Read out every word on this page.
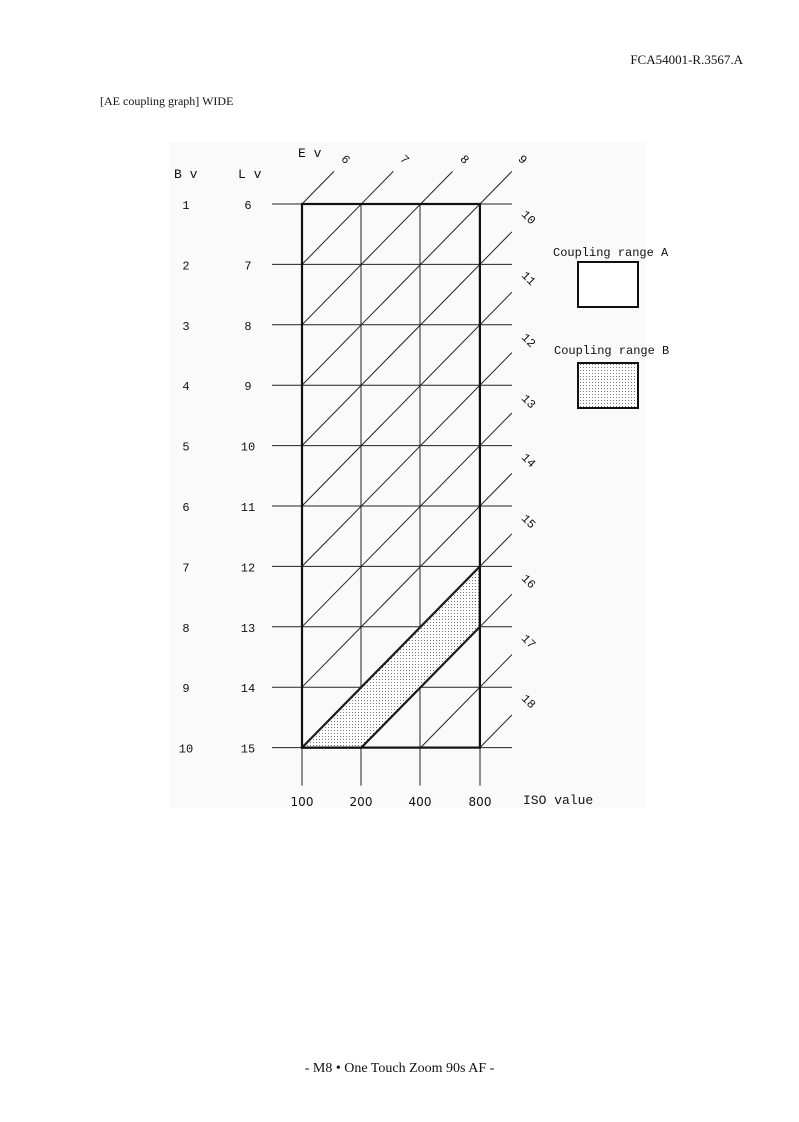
FCA54001-R.3567.A
[AE coupling graph] WIDE
B v	L v
E v
ISO value
1
2
3
4
5
6
7
8
9
10
6
7
8
9
10
11
12
13
14
15
100	200	400	800
6	7	8	9
10
11
12
13
14
15
16
17
18
Coupling range A
Coupling range B
- M8 • One Touch Zoom 90s AF -
